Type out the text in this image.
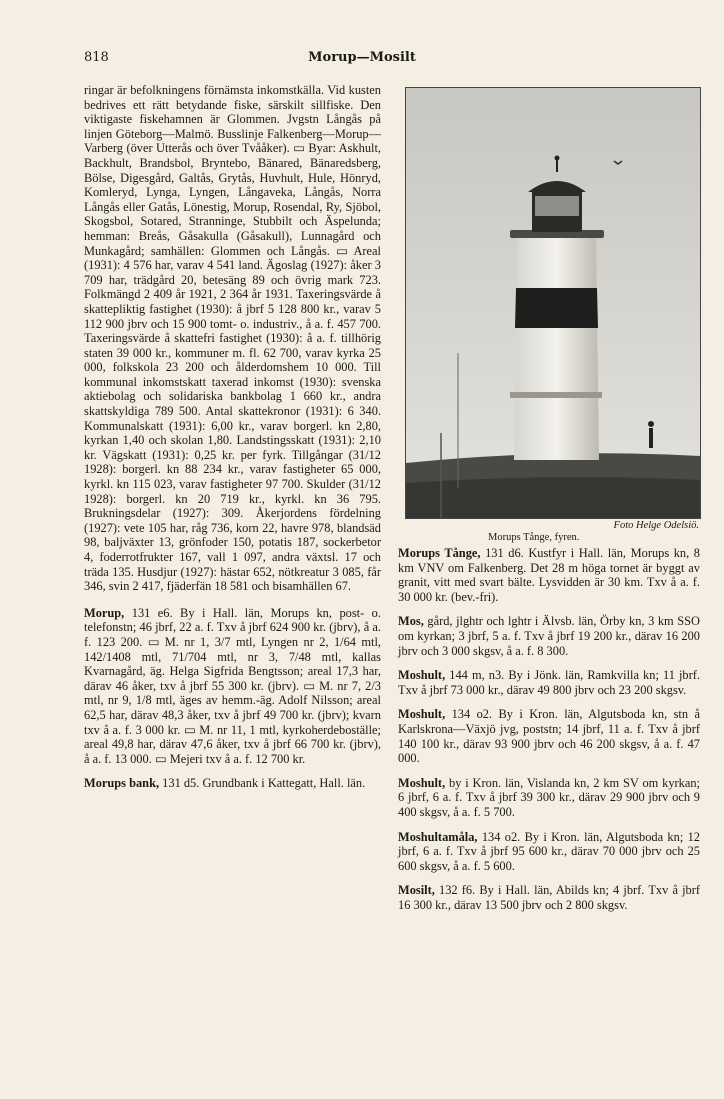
818	Morup—Mosilt

ringar är befolkningens förnämsta inkomstkälla. Vid kusten bedrives ett rätt betydande fiske, särskilt sillfiske. Den viktigaste fiskehamnen är Glommen. Jvgstn Långås på linjen Göteborg—Malmö. Busslinje Falkenberg—Morup—Varberg (över Utterås och över Tvååker). ▭ Byar: Askhult, Backhult, Brandsbol, Bryntebo, Bänared, Bänaredsberg, Bölse, Digesgård, Galtås, Grytås, Huvhult, Hule, Hönryd, Komleryd, Lynga, Lyngen, Långaveka, Långås, Norra Långås eller Gatås, Lönestig, Morup, Rosendal, Ry, Sjöbol, Skogsbol, Sotared, Stranninge, Stubbilt och Äspelunda; hemman: Breås, Gåsakulla (Gåsakull), Lunnagård och Munkagård; samhällen: Glommen och Långås. ▭ Areal (1931): 4 576 har, varav 4 541 land. Ägoslag (1927): åker 3 709 har, trädgård 20, betesäng 89 och övrig mark 723. Folkmängd 2 409 år 1921, 2 364 år 1931. Taxeringsvärde å skattepliktig fastighet (1930): å jbrf 5 128 800 kr., varav 5 112 900 jbrv och 15 900 tomt- o. industriv., å a. f. 457 700. Taxeringsvärde å skattefri fastighet (1930): å a. f. tillhörig staten 39 000 kr., kommuner m. fl. 62 700, varav kyrka 25 000, folkskola 23 200 och ålderdomshem 10 000. Till kommunal inkomstskatt taxerad inkomst (1930): svenska aktiebolag och solidariska bankbolag 1 660 kr., andra skattskyldiga 789 500. Antal skattekronor (1931): 6 340. Kommunalskatt (1931): 6,00 kr., varav borgerl. kn 2,80, kyrkan 1,40 och skolan 1,80. Landstingsskatt (1931): 2,10 kr. Vägskatt (1931): 0,25 kr. per fyrk. Tillgångar (31/12 1928): borgerl. kn 88 234 kr., varav fastigheter 65 000, kyrkl. kn 115 023, varav fastigheter 97 700. Skulder (31/12 1928): borgerl. kn 20 719 kr., kyrkl. kn 36 795. Brukningsdelar (1927): 309. Åkerjordens fördelning (1927): vete 105 har, råg 736, korn 22, havre 978, blandsäd 98, baljväxter 13, grönfoder 150, potatis 187, sockerbetor 4, foderrotfrukter 167, vall 1 097, andra växtsl. 17 och träda 135. Husdjur (1927): hästar 652, nötkreatur 3 085, får 346, svin 2 417, fjäderfän 18 581 och bisamhällen 67.

Morup, 131 e6. By i Hall. län, Morups kn, post- o. telefonstn; 46 jbrf, 22 a. f. Txv å jbrf 624 900 kr. (jbrv), å a. f. 123 200. ▭ M. nr 1, 3/7 mtl, Lyngen nr 2, 1/64 mtl, 142/1408 mtl, 71/704 mtl, nr 3, 7/48 mtl, kallas Kvarnagård, äg. Helga Sigfrida Bengtsson; areal 17,3 har, därav 46 åker, txv å jbrf 55 300 kr. (jbrv). ▭ M. nr 7, 2/3 mtl, nr 9, 1/8 mtl, äges av hemm.-äg. Adolf Nilsson; areal 62,5 har, därav 48,3 åker, txv å jbrf 49 700 kr. (jbrv); kvarn txv å a. f. 3 000 kr. ▭ M. nr 11, 1 mtl, kyrkoherdeboställe; areal 49,8 har, därav 47,6 åker, txv å jbrf 66 700 kr. (jbrv), å a. f. 13 000. ▭ Mejeri txv å a. f. 12 700 kr.

Morups bank, 131 d5. Grundbank i Kattegatt, Hall. län.

Foto Helge Odelsiö.
Morups Tånge, fyren.

Morups Tånge, 131 d6. Kustfyr i Hall. län, Morups kn, 8 km VNV om Falkenberg. Det 28 m höga tornet är byggt av granit, vitt med svart bälte. Lysvidden är 30 km. Txv å a. f. 30 000 kr. (bev.-fri).

Mos, gård, jlghtr och lghtr i Älvsb. län, Örby kn, 3 km SSO om kyrkan; 3 jbrf, 5 a. f. Txv å jbrf 19 200 kr., därav 16 200 jbrv och 3 000 skgsv, å a. f. 8 300.

Moshult, 144 m, n3. By i Jönk. län, Ramkvilla kn; 11 jbrf. Txv å jbrf 73 000 kr., därav 49 800 jbrv och 23 200 skgsv.

Moshult, 134 o2. By i Kron. län, Algutsboda kn, stn å Karlskrona—Växjö jvg, poststn; 14 jbrf, 11 a. f. Txv å jbrf 140 100 kr., därav 93 900 jbrv och 46 200 skgsv, å a. f. 47 000.

Moshult, by i Kron. län, Vislanda kn, 2 km SV om kyrkan; 6 jbrf, 6 a. f. Txv å jbrf 39 300 kr., därav 29 900 jbrv och 9 400 skgsv, å a. f. 5 700.

Moshultamåla, 134 o2. By i Kron. län, Algutsboda kn; 12 jbrf, 6 a. f. Txv å jbrf 95 600 kr., därav 70 000 jbrv och 25 600 skgsv, å a. f. 5 600.

Mosilt, 132 f6. By i Hall. län, Abilds kn; 4 jbrf. Txv å jbrf 16 300 kr., därav 13 500 jbrv och 2 800 skgsv.
